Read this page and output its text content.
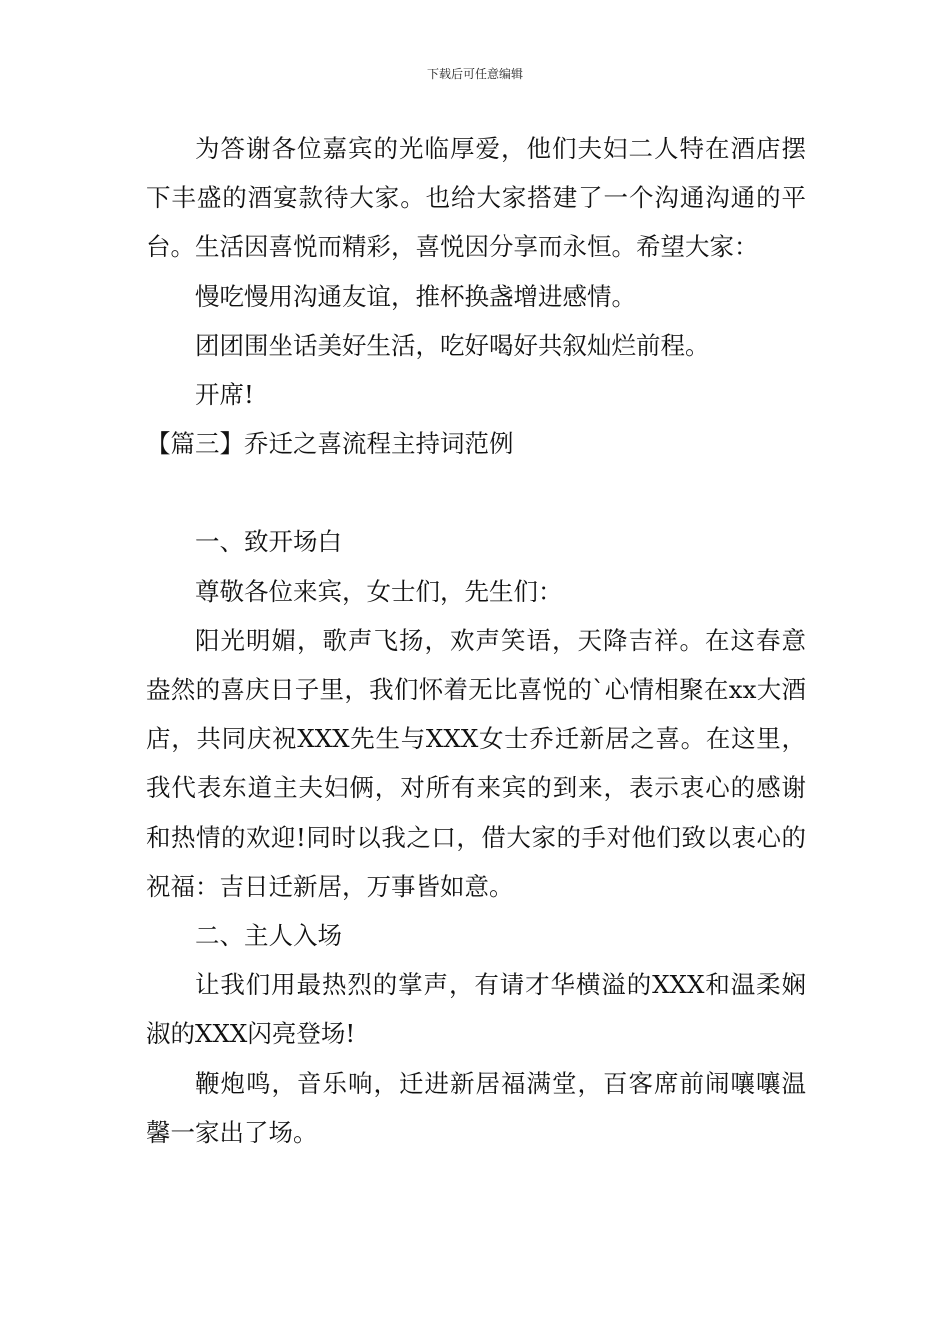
下载后可任意编辑

为答谢各位嘉宾的光临厚爱，他们夫妇二人特在酒店摆下丰盛的酒宴款待大家。也给大家搭建了一个沟通沟通的平台。生活因喜悦而精彩，喜悦因分享而永恒。希望大家：

慢吃慢用沟通友谊，推杯换盏增进感情。

团团围坐话美好生活，吃好喝好共叙灿烂前程。

开席!

【篇三】乔迁之喜流程主持词范例

一、致开场白

尊敬各位来宾，女士们，先生们：

阳光明媚，歌声飞扬，欢声笑语，天降吉祥。在这春意盎然的喜庆日子里，我们怀着无比喜悦的`心情相聚在xx大酒店，共同庆祝XXX先生与XXX女士乔迁新居之喜。在这里，我代表东道主夫妇俩，对所有来宾的到来，表示衷心的感谢和热情的欢迎!同时以我之口，借大家的手对他们致以衷心的祝福：吉日迁新居，万事皆如意。

二、主人入场

让我们用最热烈的掌声，有请才华横溢的XXX和温柔娴淑的XXX闪亮登场!

鞭炮鸣，音乐响，迁进新居福满堂，百客席前闹嚷嚷温馨一家出了场。
